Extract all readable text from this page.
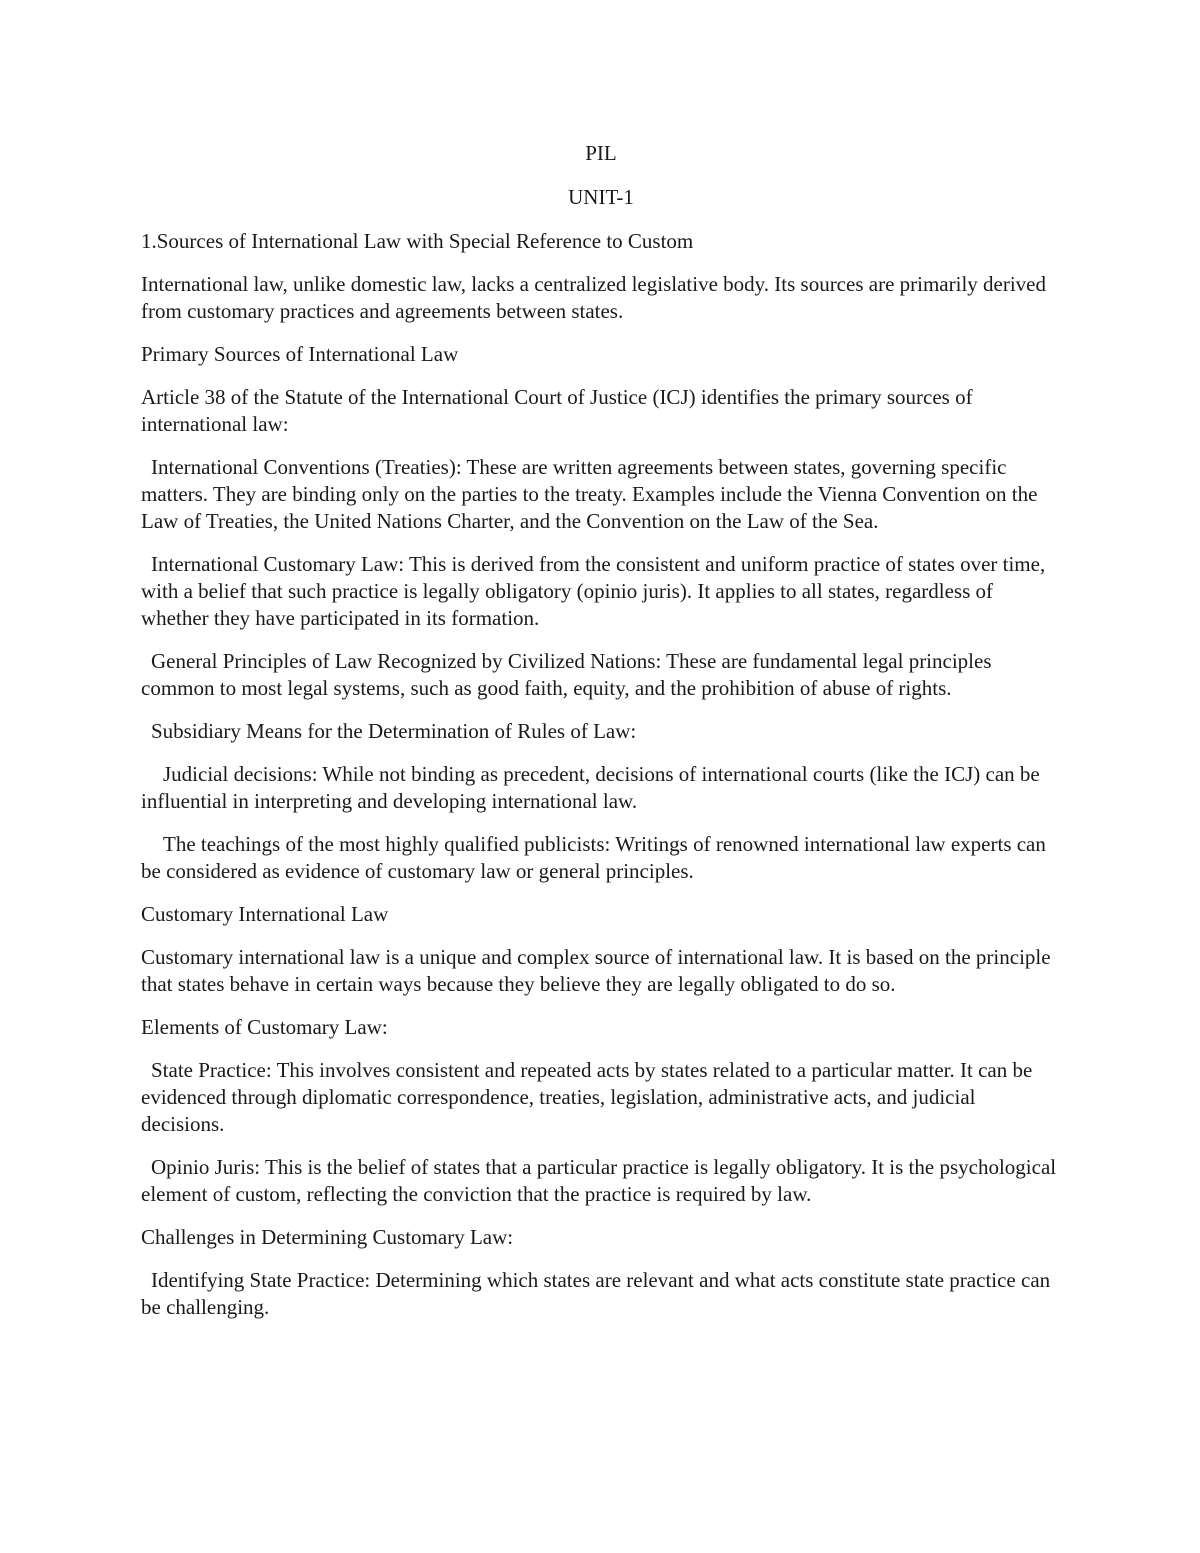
PIL

UNIT-1

1.Sources of International Law with Special Reference to Custom

International law, unlike domestic law, lacks a centralized legislative body. Its sources are primarily derived from customary practices and agreements between states.

Primary Sources of International Law

Article 38 of the Statute of the International Court of Justice (ICJ) identifies the primary sources of international law:

International Conventions (Treaties): These are written agreements between states, governing specific matters. They are binding only on the parties to the treaty. Examples include the Vienna Convention on the Law of Treaties, the United Nations Charter, and the Convention on the Law of the Sea.

International Customary Law: This is derived from the consistent and uniform practice of states over time, with a belief that such practice is legally obligatory (opinio juris). It applies to all states, regardless of whether they have participated in its formation.

General Principles of Law Recognized by Civilized Nations: These are fundamental legal principles common to most legal systems, such as good faith, equity, and the prohibition of abuse of rights.

Subsidiary Means for the Determination of Rules of Law:

Judicial decisions: While not binding as precedent, decisions of international courts (like the ICJ) can be influential in interpreting and developing international law.

The teachings of the most highly qualified publicists: Writings of renowned international law experts can be considered as evidence of customary law or general principles.

Customary International Law

Customary international law is a unique and complex source of international law. It is based on the principle that states behave in certain ways because they believe they are legally obligated to do so.

Elements of Customary Law:

State Practice: This involves consistent and repeated acts by states related to a particular matter. It can be evidenced through diplomatic correspondence, treaties, legislation, administrative acts, and judicial decisions.

Opinio Juris: This is the belief of states that a particular practice is legally obligatory. It is the psychological element of custom, reflecting the conviction that the practice is required by law.

Challenges in Determining Customary Law:

Identifying State Practice: Determining which states are relevant and what acts constitute state practice can be challenging.
